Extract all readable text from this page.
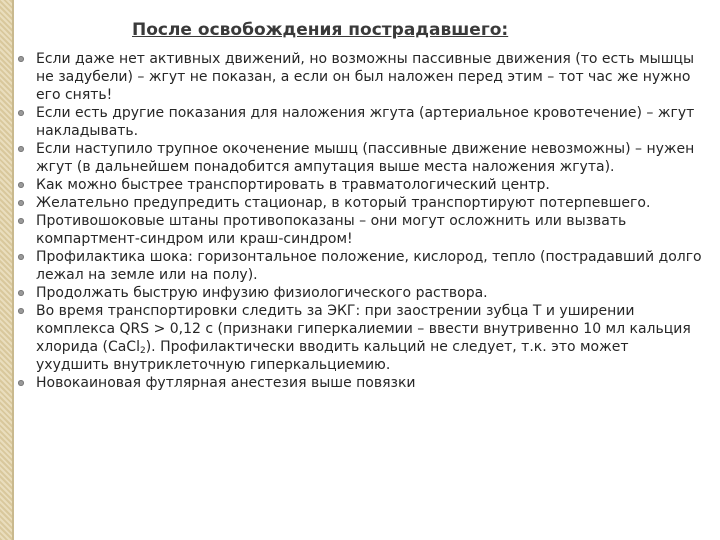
После освобождения пострадавшего:
Если даже нет активных движений, но возможны пассивные движения (то есть мышцы не задубели) – жгут не показан, а если он был наложен перед этим – тот час же нужно его снять!
Если есть другие показания для наложения жгута (артериальное кровотечение) – жгут накладывать.
Если наступило трупное окоченение мышц (пассивные движение невозможны) – нужен жгут (в дальнейшем понадобится ампутация выше места наложения жгута).
Как можно быстрее транспортировать в травматологический центр.
Желательно предупредить стационар, в который транспортируют потерпевшего.
Противошоковые штаны противопоказаны – они могут осложнить или вызвать компартмент-синдром или краш-синдром!
Профилактика шока: горизонтальное положение, кислород, тепло (пострадавший долго лежал на земле или на полу).
Продолжать быструю инфузию физиологического раствора.
Во время транспортировки следить за ЭКГ: при заострении зубца T и уширении комплекса QRS > 0,12 с (признаки гиперкалиемии – ввести внутривенно 10 мл кальция хлорида (CaCl$_2$). Профилактически вводить кальций не следует, т.к. это может ухудшить внутриклеточную гиперкальциемию.
Новокаиновая футлярная анестезия выше повязки
